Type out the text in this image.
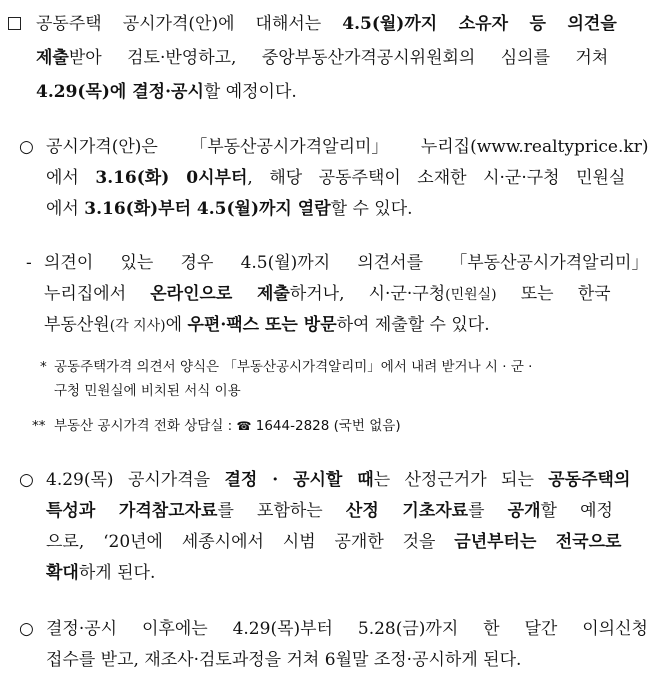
공동주택 공시가격(안)에 대해서는 4.5(월)까지 소유자 등 의견을
제출받아 검토·반영하고, 중앙부동산가격공시위원회의 심의를 거쳐
4.29(목)에 결정·공시할 예정이다.
○ 공시가격(안)은 「부동산공시가격알리미」 누리집(www.realtyprice.kr)
에서 3.16(화) 0시부터, 해당 공동주택이 소재한 시·군·구청 민원실
에서 3.16(화)부터 4.5(월)까지 열람할 수 있다.
- 의견이 있는 경우 4.5(월)까지 의견서를 「부동산공시가격알리미」
누리집에서 온라인으로 제출하거나, 시·군·구청(민원실) 또는 한국
부동산원(각 지사)에 우편·팩스 또는 방문하여 제출할 수 있다.
* 공동주택가격 의견서 양식은 「부동산공시가격알리미」에서 내려 받거나 시 · 군 ·
구청 민원실에 비치된 서식 이용
** 부동산 공시가격 전화 상담실 : ☎ 1644-2828 (국번 없음)
○ 4.29(목) 공시가격을 결정 · 공시할 때는 산정근거가 되는 공동주택의
특성과 가격참고자료를 포함하는 산정 기초자료를 공개할 예정
으로, ‘20년에 세종시에서 시범 공개한 것을 금년부터는 전국으로
확대하게 된다.
○ 결정·공시 이후에는 4.29(목)부터 5.28(금)까지 한 달간 이의신청
접수를 받고, 재조사·검토과정을 거쳐 6월말 조정·공시하게 된다.
